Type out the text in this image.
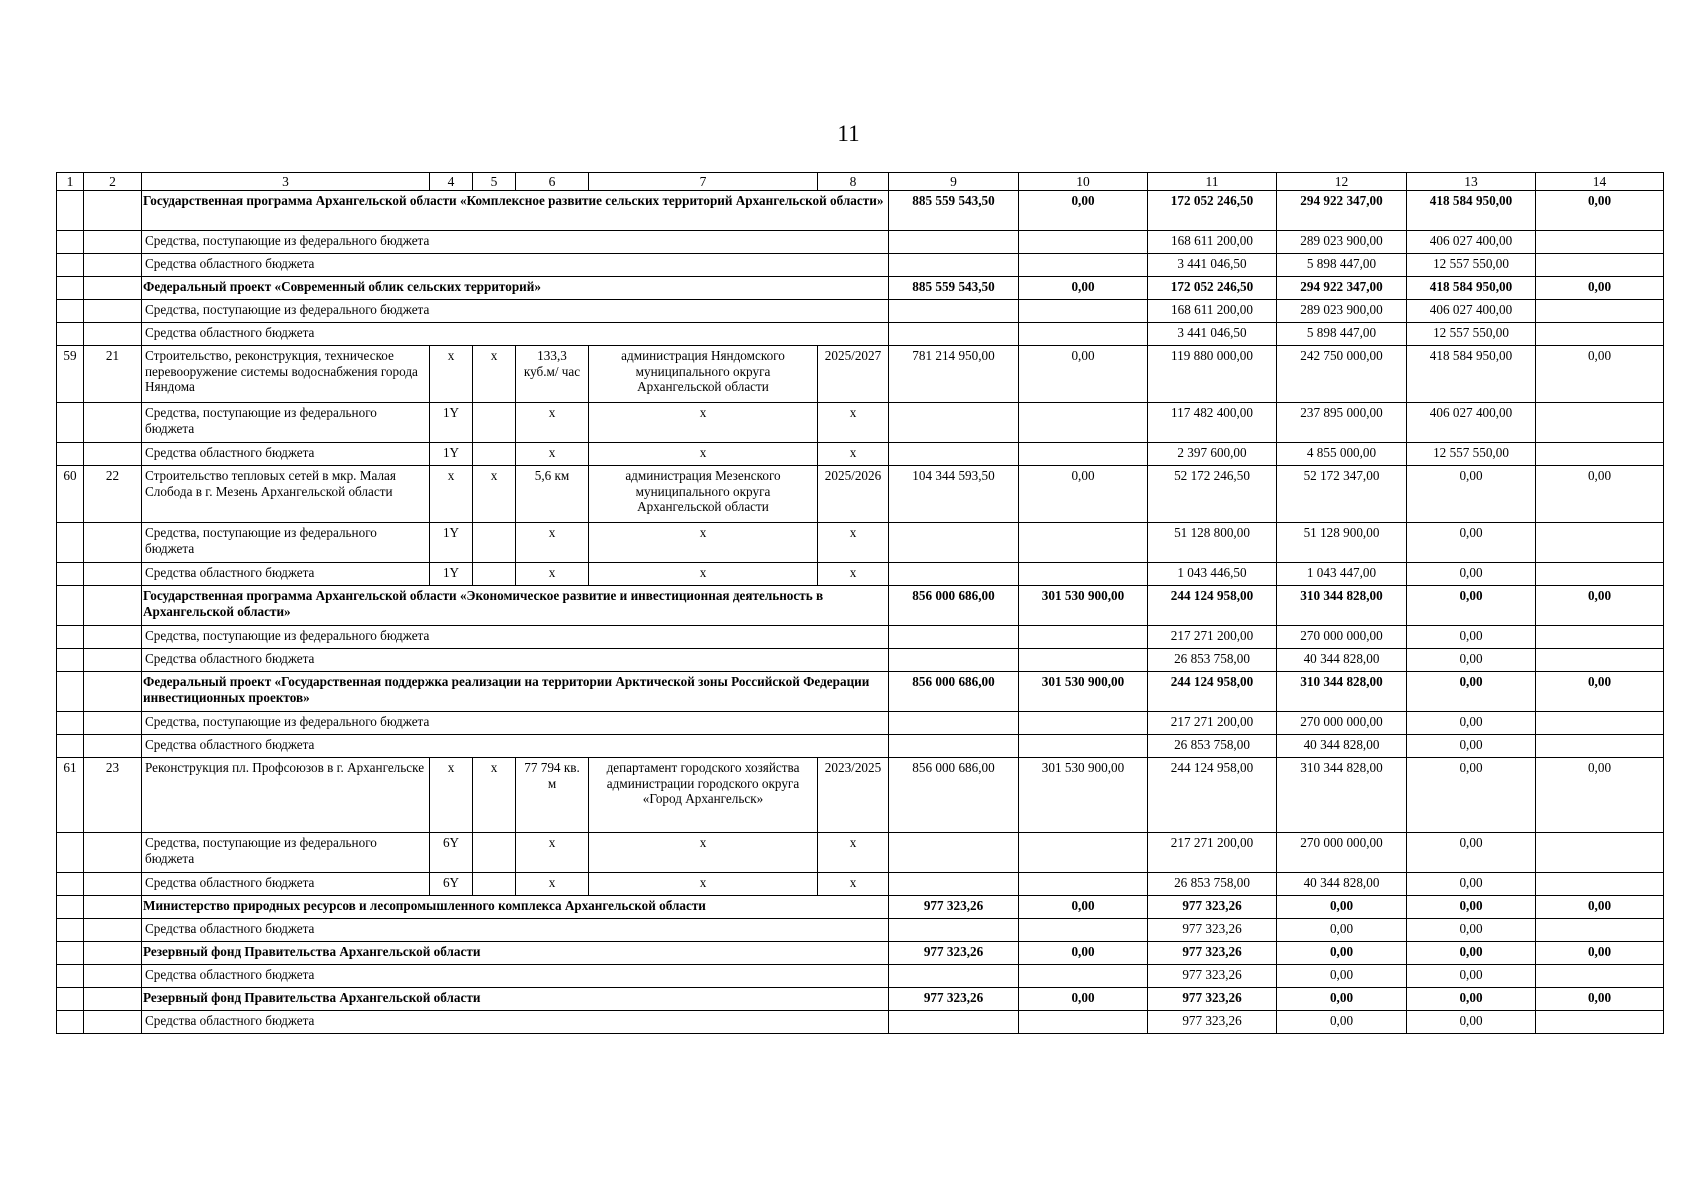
11
1	2	3	4	5	6	7	8	9	10	11	12	13	14
		Государственная программа Архангельской области «Комплексное развитие сельских территорий Архангельской области»						885 559 543,50	0,00	172 052 246,50	294 922 347,00	418 584 950,00	0,00
		Средства, поступающие из федерального бюджета								168 611 200,00	289 023 900,00	406 027 400,00	
		Средства областного бюджета								3 441 046,50	5 898 447,00	12 557 550,00	
		Федеральный проект «Современный облик сельских территорий»						885 559 543,50	0,00	172 052 246,50	294 922 347,00	418 584 950,00	0,00
		Средства, поступающие из федерального бюджета								168 611 200,00	289 023 900,00	406 027 400,00	
		Средства областного бюджета								3 441 046,50	5 898 447,00	12 557 550,00	
59	21	Строительство, реконструкция, техническое перевооружение системы водоснабжения города Няндома	x	x	133,3 куб.м/ час	администрация Няндомского муниципального округа Архангельской области	2025/2027	781 214 950,00	0,00	119 880 000,00	242 750 000,00	418 584 950,00	0,00
		Средства, поступающие из федерального бюджета	1Y		x	x	x			117 482 400,00	237 895 000,00	406 027 400,00	
		Средства областного бюджета	1Y		x	x	x			2 397 600,00	4 855 000,00	12 557 550,00	
60	22	Строительство тепловых сетей в мкр. Малая Слобода в г. Мезень Архангельской области	x	x	5,6 км	администрация Мезенского муниципального округа Архангельской области	2025/2026	104 344 593,50	0,00	52 172 246,50	52 172 347,00	0,00	0,00
		Средства, поступающие из федерального бюджета	1Y		x	x	x			51 128 800,00	51 128 900,00	0,00	
		Средства областного бюджета	1Y		x	x	x			1 043 446,50	1 043 447,00	0,00	
		Государственная программа Архангельской области «Экономическое развитие и инвестиционная деятельность в Архангельской области»						856 000 686,00	301 530 900,00	244 124 958,00	310 344 828,00	0,00	0,00
		Средства, поступающие из федерального бюджета								217 271 200,00	270 000 000,00	0,00	
		Средства областного бюджета								26 853 758,00	40 344 828,00	0,00	
		Федеральный проект «Государственная поддержка реализации на территории Арктической зоны Российской Федерации инвестиционных проектов»						856 000 686,00	301 530 900,00	244 124 958,00	310 344 828,00	0,00	0,00
		Средства, поступающие из федерального бюджета								217 271 200,00	270 000 000,00	0,00	
		Средства областного бюджета								26 853 758,00	40 344 828,00	0,00	
61	23	Реконструкция пл. Профсоюзов в г. Архангельске	x	x	77 794 кв. м	департамент городского хозяйства администрации городского округа «Город Архангельск»	2023/2025	856 000 686,00	301 530 900,00	244 124 958,00	310 344 828,00	0,00	0,00
		Средства, поступающие из федерального бюджета	6Y		x	x	x			217 271 200,00	270 000 000,00	0,00	
		Средства областного бюджета	6Y		x	x	x			26 853 758,00	40 344 828,00	0,00	
		Министерство природных ресурсов и лесопромышленного комплекса Архангельской области						977 323,26	0,00	977 323,26	0,00	0,00	0,00
		Средства областного бюджета								977 323,26	0,00	0,00	
		Резервный фонд Правительства Архангельской области						977 323,26	0,00	977 323,26	0,00	0,00	0,00
		Средства областного бюджета								977 323,26	0,00	0,00	
		Резервный фонд Правительства Архангельской области						977 323,26	0,00	977 323,26	0,00	0,00	0,00
		Средства областного бюджета								977 323,26	0,00	0,00	
